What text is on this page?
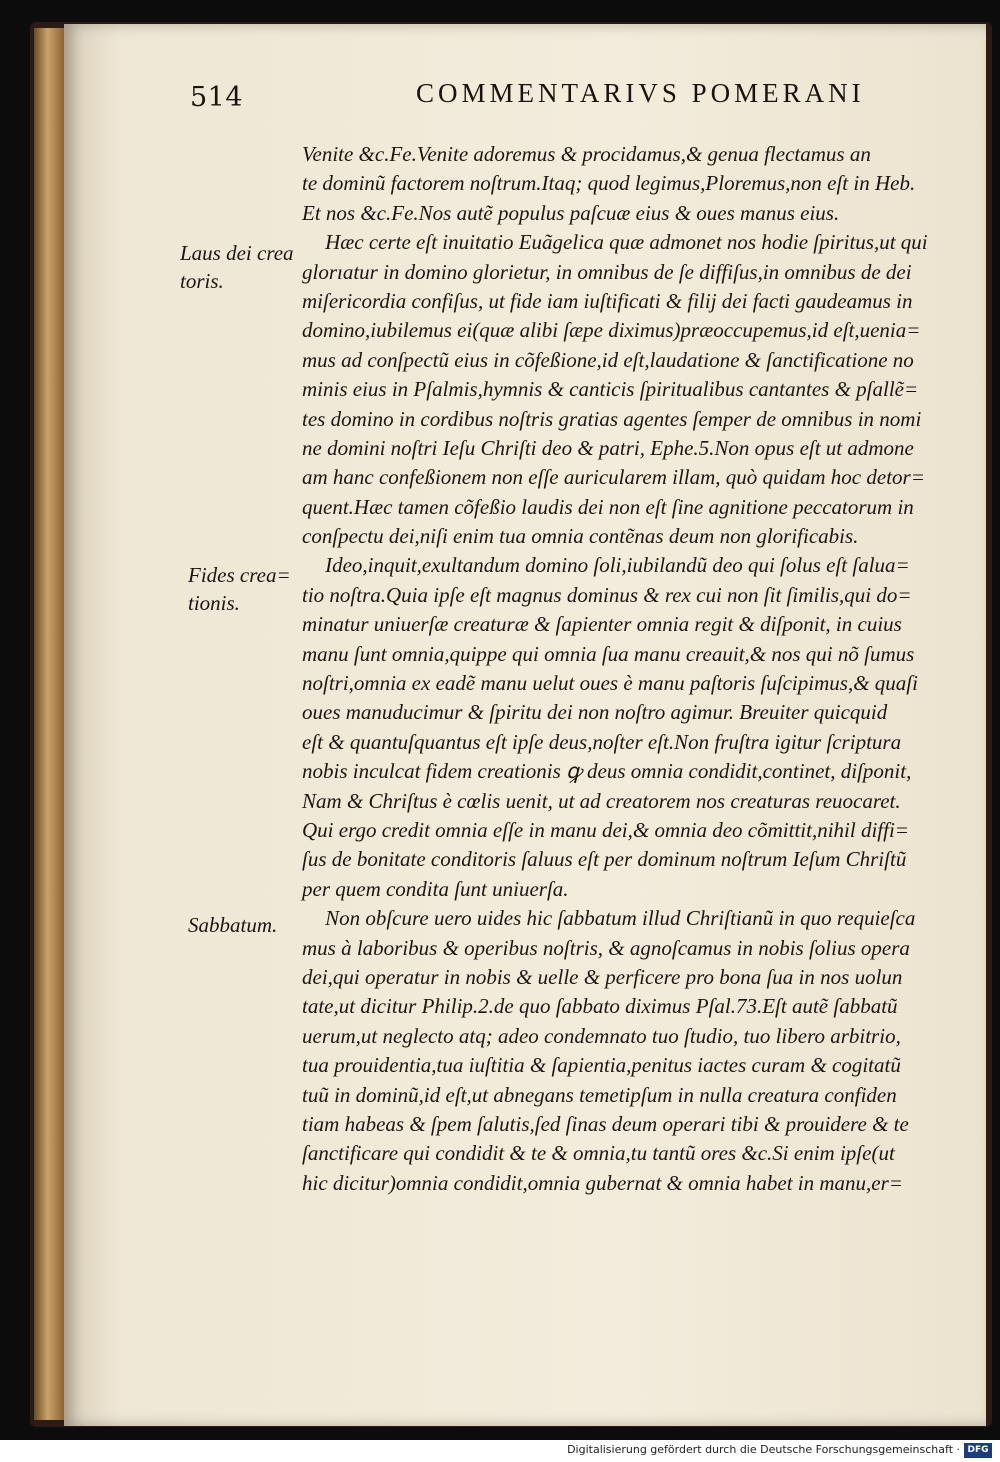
514	COMMENTARIVS POMERANI
Laus dei crea
toris.
Fides crea=
tionis.
Sabbatum.
Venite &c.Fe.Venite adoremus & procidamus,& genua flectamus an
te dominũ factorem noſtrum.Itaq; quod legimus,Ploremus,non eſt in Heb.
Et nos &c.Fe.Nos autẽ populus paſcuæ eius & oues manus eius.
Hæc certe eſt inuitatio Euãgelica quæ admonet nos hodie ſpiritus,ut qui
glorıatur in domino glorietur, in omnibus de ſe diffiſus,in omnibus de dei
miſericordia confiſus, ut fide iam iuſtificati & filij dei facti gaudeamus in
domino,iubilemus ei(quæ alibi ſæpe diximus)præoccupemus,id eſt,uenia=
mus ad conſpectũ eius in cõfeßione,id eſt,laudatione & ſanctificatione no
minis eius in Pſalmis,hymnis & canticis ſpiritualibus cantantes & pſallẽ=
tes domino in cordibus noſtris gratias agentes ſemper de omnibus in nomi
ne domini noſtri Ieſu Chriſti deo & patri, Ephe.5.Non opus eſt ut admone
am hanc confeßionem non eſſe auricularem illam, quò quidam hoc detor=
quent.Hæc tamen cõfeßio laudis dei non eſt ſine agnitione peccatorum in
conſpectu dei,niſi enim tua omnia contẽnas deum non glorificabis.
Ideo,inquit,exultandum domino ſoli,iubilandũ deo qui ſolus eſt ſalua=
tio noſtra.Quia ipſe eſt magnus dominus & rex cui non ſit ſimilis,qui do=
minatur uniuerſæ creaturæ & ſapienter omnia regit & diſponit, in cuius
manu ſunt omnia,quippe qui omnia ſua manu creauit,& nos qui nõ ſumus
noſtri,omnia ex eadẽ manu uelut oues è manu paſtoris ſuſcipimus,& quaſi
oues manuducimur & ſpiritu dei non noſtro agimur. Breuiter quicquid
eſt & quantuſquantus eſt ipſe deus,noſter eſt.Non fruſtra igitur ſcriptura
nobis inculcat fidem creationis ꝙ deus omnia condidit,continet, diſponit,
Nam & Chriſtus è cœlis uenit, ut ad creatorem nos creaturas reuocaret.
Qui ergo credit omnia eſſe in manu dei,& omnia deo cõmittit,nihil diffi=
ſus de bonitate conditoris ſaluus eſt per dominum noſtrum Ieſum Chriſtũ
per quem condita ſunt uniuerſa.
Non obſcure uero uides hic ſabbatum illud Chriſtianũ in quo requieſca
mus à laboribus & operibus noſtris, & agnoſcamus in nobis ſolius opera
dei,qui operatur in nobis & uelle & perficere pro bona ſua in nos uolun
tate,ut dicitur Philip.2.de quo ſabbato diximus Pſal.73.Eſt autẽ ſabbatũ
uerum,ut neglecto atq; adeo condemnato tuo ſtudio, tuo libero arbitrio,
tua prouidentia,tua iuſtitia & ſapientia,penitus iactes curam & cogitatũ
tuũ in dominũ,id eſt,ut abnegans temetipſum in nulla creatura confiden
tiam habeas & ſpem ſalutis,ſed ſinas deum operari tibi & prouidere & te
ſanctificare qui condidit & te & omnia,tu tantũ ores &c.Si enim ipſe(ut
hic dicitur)omnia condidit,omnia gubernat & omnia habet in manu,er=
Digitalisierung gefördert durch die Deutsche Forschungsgemeinschaft · DFG
